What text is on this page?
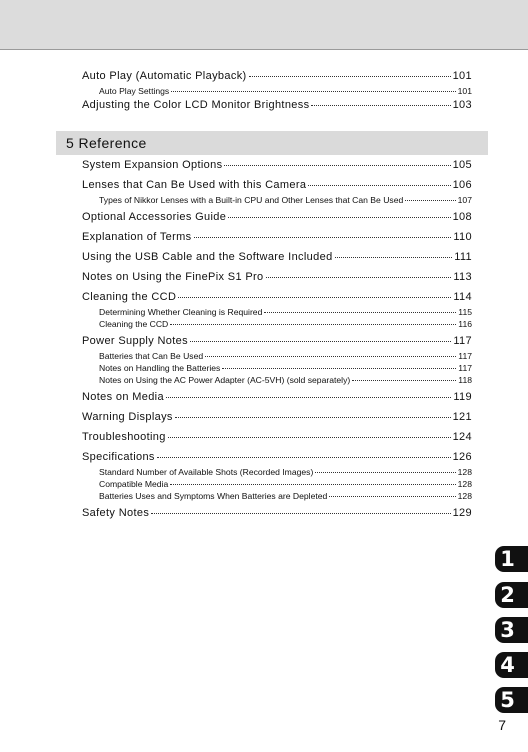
Auto Play (Automatic Playback)	101
Auto Play Settings	101
Adjusting the Color LCD Monitor Brightness	103
5 Reference
System Expansion Options	105
Lenses that Can Be Used with this Camera	106
Types of Nikkor Lenses with a Built-in CPU and Other Lenses that Can Be Used	107
Optional Accessories Guide	108
Explanation of Terms	110
Using the USB Cable and the Software Included	111
Notes on Using the FinePix S1 Pro	113
Cleaning the CCD	114
Determining Whether Cleaning is Required	115
Cleaning the CCD	116
Power Supply Notes	117
Batteries that Can Be Used	117
Notes on Handling the Batteries	117
Notes on Using the AC Power Adapter (AC-5VH) (sold separately)	118
Notes on Media	119
Warning Displays	121
Troubleshooting	124
Specifications	126
Standard Number of Available Shots (Recorded Images)	128
Compatible Media	128
Batteries Uses and Symptoms When Batteries are Depleted	128
Safety Notes	129
1
2
3
4
5
7
